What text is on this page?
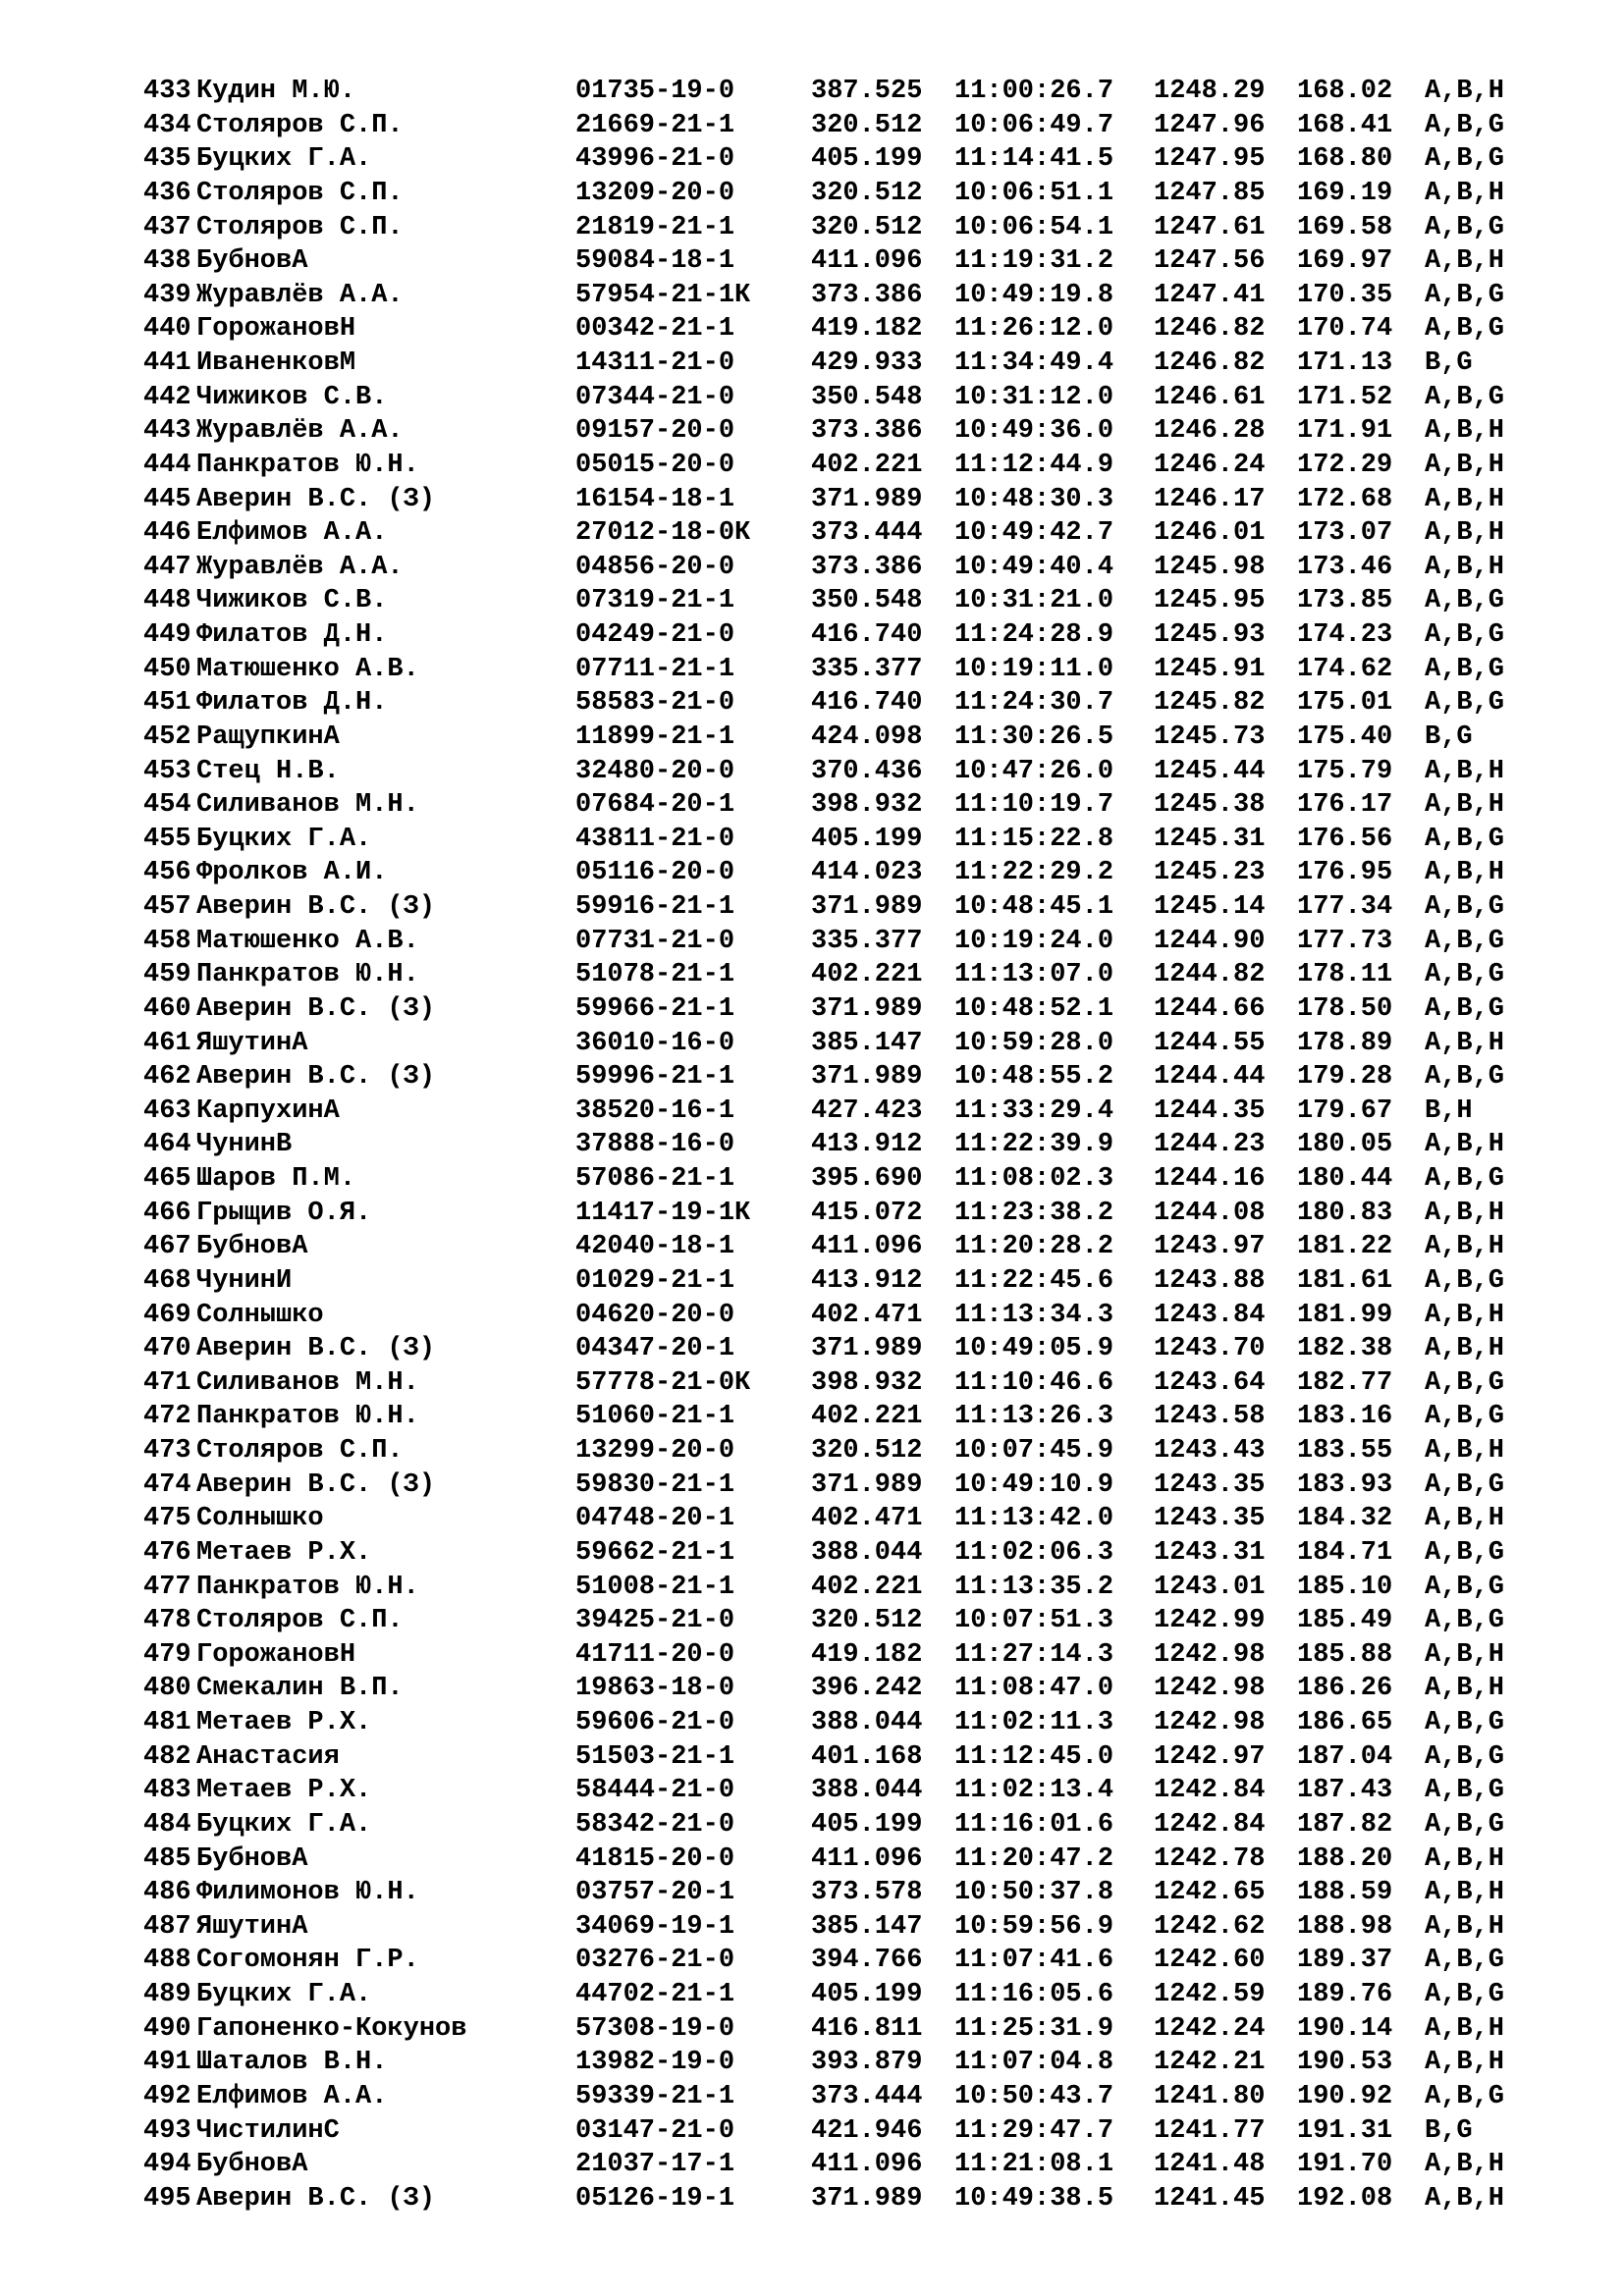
433	Кудин М.Ю.	01735-19-0	387.525	11:00:26.7	1248.29	168.02	A,B,H
434	Столяров С.П.	21669-21-1	320.512	10:06:49.7	1247.96	168.41	A,B,G
435	Буцких Г.А.	43996-21-0	405.199	11:14:41.5	1247.95	168.80	A,B,G
436	Столяров С.П.	13209-20-0	320.512	10:06:51.1	1247.85	169.19	A,B,H
437	Столяров С.П.	21819-21-1	320.512	10:06:54.1	1247.61	169.58	A,B,G
438	БубновА	59084-18-1	411.096	11:19:31.2	1247.56	169.97	A,B,H
439	Журавлёв А.А.	57954-21-1К	373.386	10:49:19.8	1247.41	170.35	A,B,G
440	ГорожановН	00342-21-1	419.182	11:26:12.0	1246.82	170.74	A,B,G
441	ИваненковМ	14311-21-0	429.933	11:34:49.4	1246.82	171.13	B,G
442	Чижиков С.В.	07344-21-0	350.548	10:31:12.0	1246.61	171.52	A,B,G
443	Журавлёв А.А.	09157-20-0	373.386	10:49:36.0	1246.28	171.91	A,B,H
444	Панкратов Ю.Н.	05015-20-0	402.221	11:12:44.9	1246.24	172.29	A,B,H
445	Аверин В.С. (З)	16154-18-1	371.989	10:48:30.3	1246.17	172.68	A,B,H
446	Елфимов А.А.	27012-18-0К	373.444	10:49:42.7	1246.01	173.07	A,B,H
447	Журавлёв А.А.	04856-20-0	373.386	10:49:40.4	1245.98	173.46	A,B,H
448	Чижиков С.В.	07319-21-1	350.548	10:31:21.0	1245.95	173.85	A,B,G
449	Филатов Д.Н.	04249-21-0	416.740	11:24:28.9	1245.93	174.23	A,B,G
450	Матюшенко А.В.	07711-21-1	335.377	10:19:11.0	1245.91	174.62	A,B,G
451	Филатов Д.Н.	58583-21-0	416.740	11:24:30.7	1245.82	175.01	A,B,G
452	РащупкинА	11899-21-1	424.098	11:30:26.5	1245.73	175.40	B,G
453	Стец Н.В.	32480-20-0	370.436	10:47:26.0	1245.44	175.79	A,B,H
454	Силиванов М.Н.	07684-20-1	398.932	11:10:19.7	1245.38	176.17	A,B,H
455	Буцких Г.А.	43811-21-0	405.199	11:15:22.8	1245.31	176.56	A,B,G
456	Фролков А.И.	05116-20-0	414.023	11:22:29.2	1245.23	176.95	A,B,H
457	Аверин В.С. (З)	59916-21-1	371.989	10:48:45.1	1245.14	177.34	A,B,G
458	Матюшенко А.В.	07731-21-0	335.377	10:19:24.0	1244.90	177.73	A,B,G
459	Панкратов Ю.Н.	51078-21-1	402.221	11:13:07.0	1244.82	178.11	A,B,G
460	Аверин В.С. (З)	59966-21-1	371.989	10:48:52.1	1244.66	178.50	A,B,G
461	ЯшутинА	36010-16-0	385.147	10:59:28.0	1244.55	178.89	A,B,H
462	Аверин В.С. (З)	59996-21-1	371.989	10:48:55.2	1244.44	179.28	A,B,G
463	КарпухинА	38520-16-1	427.423	11:33:29.4	1244.35	179.67	B,H
464	ЧунинВ	37888-16-0	413.912	11:22:39.9	1244.23	180.05	A,B,H
465	Шаров П.М.	57086-21-1	395.690	11:08:02.3	1244.16	180.44	A,B,G
466	Грыщив О.Я.	11417-19-1К	415.072	11:23:38.2	1244.08	180.83	A,B,H
467	БубновА	42040-18-1	411.096	11:20:28.2	1243.97	181.22	A,B,H
468	ЧунинИ	01029-21-1	413.912	11:22:45.6	1243.88	181.61	A,B,G
469	Солнышко	04620-20-0	402.471	11:13:34.3	1243.84	181.99	A,B,H
470	Аверин В.С. (З)	04347-20-1	371.989	10:49:05.9	1243.70	182.38	A,B,H
471	Силиванов М.Н.	57778-21-0К	398.932	11:10:46.6	1243.64	182.77	A,B,G
472	Панкратов Ю.Н.	51060-21-1	402.221	11:13:26.3	1243.58	183.16	A,B,G
473	Столяров С.П.	13299-20-0	320.512	10:07:45.9	1243.43	183.55	A,B,H
474	Аверин В.С. (З)	59830-21-1	371.989	10:49:10.9	1243.35	183.93	A,B,G
475	Солнышко	04748-20-1	402.471	11:13:42.0	1243.35	184.32	A,B,H
476	Метаев Р.Х.	59662-21-1	388.044	11:02:06.3	1243.31	184.71	A,B,G
477	Панкратов Ю.Н.	51008-21-1	402.221	11:13:35.2	1243.01	185.10	A,B,G
478	Столяров С.П.	39425-21-0	320.512	10:07:51.3	1242.99	185.49	A,B,G
479	ГорожановН	41711-20-0	419.182	11:27:14.3	1242.98	185.88	A,B,H
480	Смекалин В.П.	19863-18-0	396.242	11:08:47.0	1242.98	186.26	A,B,H
481	Метаев Р.Х.	59606-21-0	388.044	11:02:11.3	1242.98	186.65	A,B,G
482	Анастасия	51503-21-1	401.168	11:12:45.0	1242.97	187.04	A,B,G
483	Метаев Р.Х.	58444-21-0	388.044	11:02:13.4	1242.84	187.43	A,B,G
484	Буцких Г.А.	58342-21-0	405.199	11:16:01.6	1242.84	187.82	A,B,G
485	БубновА	41815-20-0	411.096	11:20:47.2	1242.78	188.20	A,B,H
486	Филимонов Ю.Н.	03757-20-1	373.578	10:50:37.8	1242.65	188.59	A,B,H
487	ЯшутинА	34069-19-1	385.147	10:59:56.9	1242.62	188.98	A,B,H
488	Согомонян Г.Р.	03276-21-0	394.766	11:07:41.6	1242.60	189.37	A,B,G
489	Буцких Г.А.	44702-21-1	405.199	11:16:05.6	1242.59	189.76	A,B,G
490	Гапоненко-Кокунов	57308-19-0	416.811	11:25:31.9	1242.24	190.14	A,B,H
491	Шаталов В.Н.	13982-19-0	393.879	11:07:04.8	1242.21	190.53	A,B,H
492	Елфимов А.А.	59339-21-1	373.444	10:50:43.7	1241.80	190.92	A,B,G
493	ЧистилинС	03147-21-0	421.946	11:29:47.7	1241.77	191.31	B,G
494	БубновА	21037-17-1	411.096	11:21:08.1	1241.48	191.70	A,B,H
495	Аверин В.С. (З)	05126-19-1	371.989	10:49:38.5	1241.45	192.08	A,B,H
